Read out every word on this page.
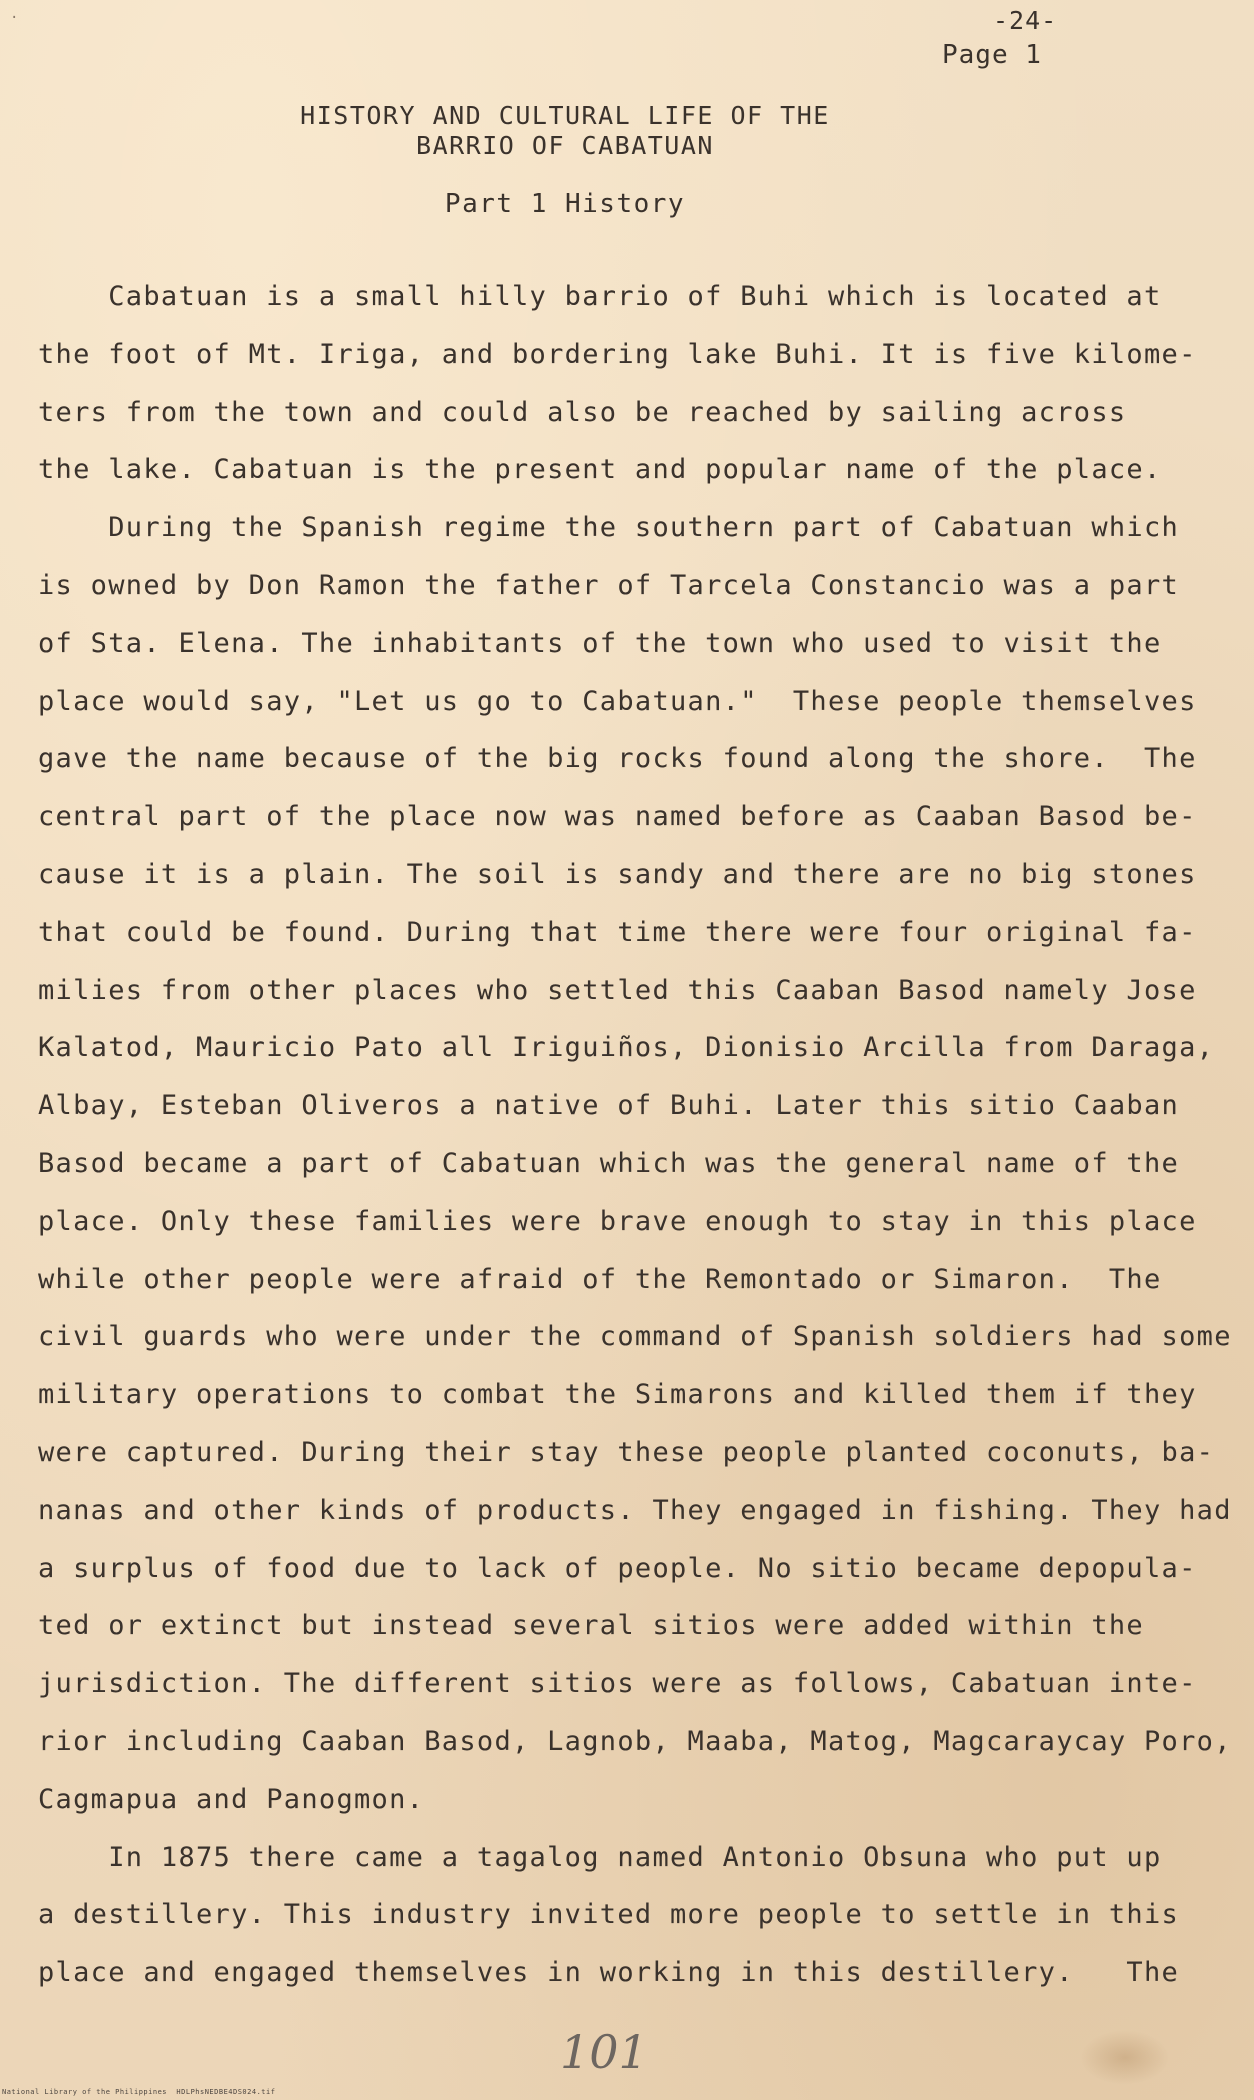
·	-24-
Page 1
HISTORY AND CULTURAL LIFE OF THE
BARRIO OF CABATUAN
Part 1 History
Cabatuan is a small hilly barrio of Buhi which is located at
the foot of Mt. Iriga, and bordering lake Buhi. It is five kilome-
ters from the town and could also be reached by sailing across
the lake. Cabatuan is the present and popular name of the place.
During the Spanish regime the southern part of Cabatuan which
is owned by Don Ramon the father of Tarcela Constancio was a part
of Sta. Elena. The inhabitants of the town who used to visit the
place would say, "Let us go to Cabatuan."  These people themselves
gave the name because of the big rocks found along the shore.  The
central part of the place now was named before as Caaban Basod be-
cause it is a plain. The soil is sandy and there are no big stones
that could be found. During that time there were four original fa-
milies from other places who settled this Caaban Basod namely Jose
Kalatod, Mauricio Pato all Iriguiños, Dionisio Arcilla from Daraga,
Albay, Esteban Oliveros a native of Buhi. Later this sitio Caaban
Basod became a part of Cabatuan which was the general name of the
place. Only these families were brave enough to stay in this place
while other people were afraid of the Remontado or Simaron.  The
civil guards who were under the command of Spanish soldiers had some
military operations to combat the Simarons and killed them if they
were captured. During their stay these people planted coconuts, ba-
nanas and other kinds of products. They engaged in fishing. They had
a surplus of food due to lack of people. No sitio became depopula-
ted or extinct but instead several sitios were added within the
jurisdiction. The different sitios were as follows, Cabatuan inte-
rior including Caaban Basod, Lagnob, Maaba, Matog, Magcaraycay Poro,
Cagmapua and Panogmon.
In 1875 there came a tagalog named Antonio Obsuna who put up
a destillery. This industry invited more people to settle in this
place and engaged themselves in working in this destillery.   The
101
National Library of the Philippines  HDLPhsNEDBE4DS024.tif
